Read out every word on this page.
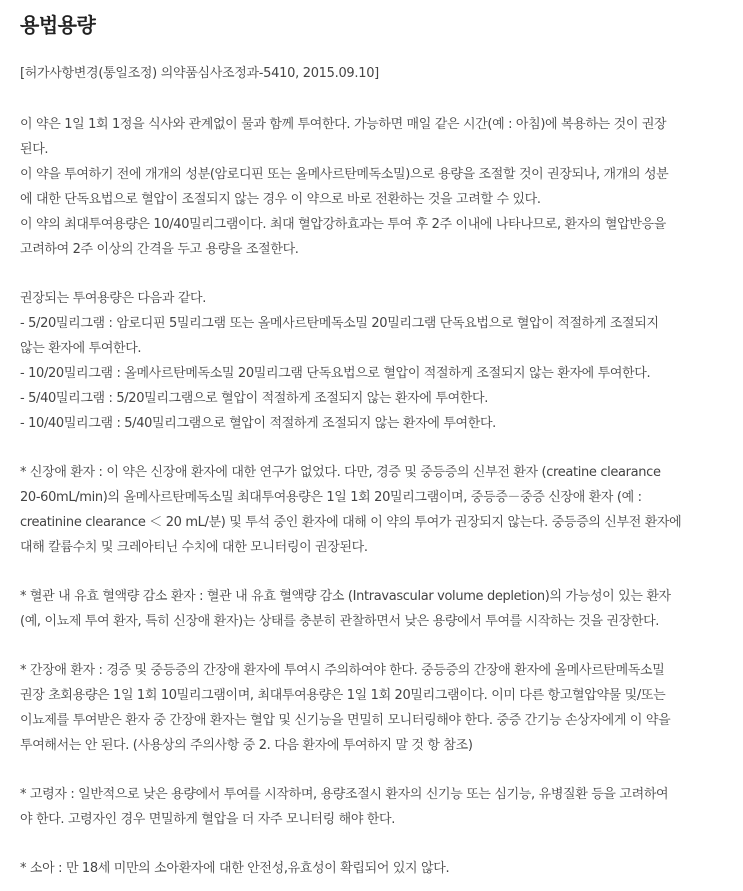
용법용량
[허가사항변경(통일조정) 의약품심사조정과-5410, 2015.09.10]

이 약은 1일 1회 1정을 식사와 관계없이 물과 함께 투여한다. 가능하면 매일 같은 시간(예 : 아침)에 복용하는 것이 권장

된다.

이 약을 투여하기 전에 개개의 성분(암로디핀 또는 올메사르탄메독소밀)으로 용량을 조절할 것이 권장되나, 개개의 성분

에 대한 단독요법으로 혈압이 조절되지 않는 경우 이 약으로 바로 전환하는 것을 고려할 수 있다.

이 약의 최대투여용량은 10/40밀리그램이다. 최대 혈압강하효과는 투여 후 2주 이내에 나타나므로, 환자의 혈압반응을

고려하여 2주 이상의 간격을 두고 용량을 조절한다.

권장되는 투여용량은 다음과 같다.

- 5/20밀리그램 : 암로디핀 5밀리그램 또는 올메사르탄메독소밀 20밀리그램 단독요법으로 혈압이 적절하게 조절되지

않는 환자에 투여한다.

- 10/20밀리그램 : 올메사르탄메독소밀 20밀리그램 단독요법으로 혈압이 적절하게 조절되지 않는 환자에 투여한다.

- 5/40밀리그램 : 5/20밀리그램으로 혈압이 적절하게 조절되지 않는 환자에 투여한다.

- 10/40밀리그램 : 5/40밀리그램으로 혈압이 적절하게 조절되지 않는 환자에 투여한다.

* 신장애 환자 : 이 약은 신장애 환자에 대한 연구가 없었다. 다만, 경증 및 중등증의 신부전 환자 (creatine clearance

20-60mL/min)의 올메사르탄메독소밀 최대투여용량은 1일 1회 20밀리그램이며, 중등증－중증 신장애 환자 (예 :

creatinine clearance ＜ 20 mL/분) 및 투석 중인 환자에 대해 이 약의 투여가 권장되지 않는다. 중등증의 신부전 환자에

대해 칼륨수치 및 크레아티닌 수치에 대한 모니터링이 권장된다.

* 혈관 내 유효 혈액량 감소 환자 : 혈관 내 유효 혈액량 감소 (Intravascular volume depletion)의 가능성이 있는 환자

(예, 이뇨제 투여 환자, 특히 신장애 환자)는 상태를 충분히 관찰하면서 낮은 용량에서 투여를 시작하는 것을 권장한다.

* 간장애 환자 : 경증 및 중등증의 간장애 환자에 투여시 주의하여야 한다. 중등증의 간장애 환자에 올메사르탄메독소밀

권장 초회용량은 1일 1회 10밀리그램이며, 최대투여용량은 1일 1회 20밀리그램이다. 이미 다른 항고혈압약물 및/또는

이뇨제를 투여받은 환자 중 간장애 환자는 혈압 및 신기능을 면밀히 모니터링해야 한다. 중증 간기능 손상자에게 이 약을

투여해서는 안 된다. (사용상의 주의사항 중 2. 다음 환자에 투여하지 말 것 항 참조)

* 고령자 : 일반적으로 낮은 용량에서 투여를 시작하며, 용량조절시 환자의 신기능 또는 심기능, 유병질환 등을 고려하여

야 한다. 고령자인 경우 면밀하게 혈압을 더 자주 모니터링 해야 한다.

* 소아 : 만 18세 미만의 소아환자에 대한 안전성,유효성이 확립되어 있지 않다.
